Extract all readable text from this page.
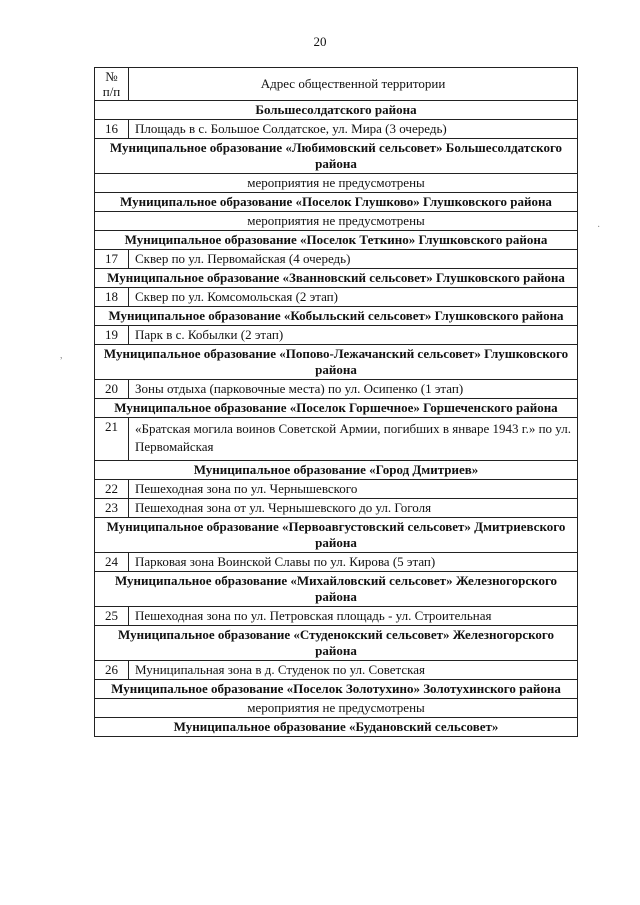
20
№
п/п	Адрес общественной территории
Большесолдатского района	
16	Площадь в с. Большое Солдатское, ул. Мира (3 очередь)
Муниципальное образование «Любимовский сельсовет» Большесолдатского района	
мероприятия не предусмотрены	
Муниципальное образование «Поселок Глушково» Глушковского района	
мероприятия не предусмотрены	
Муниципальное образование «Поселок Теткино» Глушковского района	
17	Сквер по ул. Первомайская (4 очередь)
Муниципальное образование «Званновский сельсовет» Глушковского района	
18	Сквер по ул. Комсомольская (2 этап)
Муниципальное образование «Кобыльский сельсовет» Глушковского района	
19	Парк в с. Кобылки (2 этап)
Муниципальное образование «Попово-Лежачанский сельсовет» Глушковского района	
20	Зоны отдыха (парковочные места) по ул. Осипенко (1 этап)
Муниципальное образование «Поселок Горшечное» Горшеченского района	
21	«Братская могила воинов Советской Армии, погибших в январе 1943 г.» по ул. Первомайская
Муниципальное образование «Город Дмитриев»	
22	Пешеходная зона по ул. Чернышевского
23	Пешеходная зона от ул. Чернышевского до ул. Гоголя
Муниципальное образование «Первоавгустовский сельсовет» Дмитриевского района	
24	Парковая зона Воинской Славы по ул. Кирова (5 этап)
Муниципальное образование «Михайловский сельсовет» Железногорского района	
25	Пешеходная зона по ул. Петровская площадь - ул. Строительная
Муниципальное образование «Студенокский сельсовет» Железногорского района	
26	Муниципальная зона в д. Студенок по ул. Советская
Муниципальное образование «Поселок Золотухино» Золотухинского района	
мероприятия не предусмотрены	
Муниципальное образование «Будановский сельсовет»	
·
,
